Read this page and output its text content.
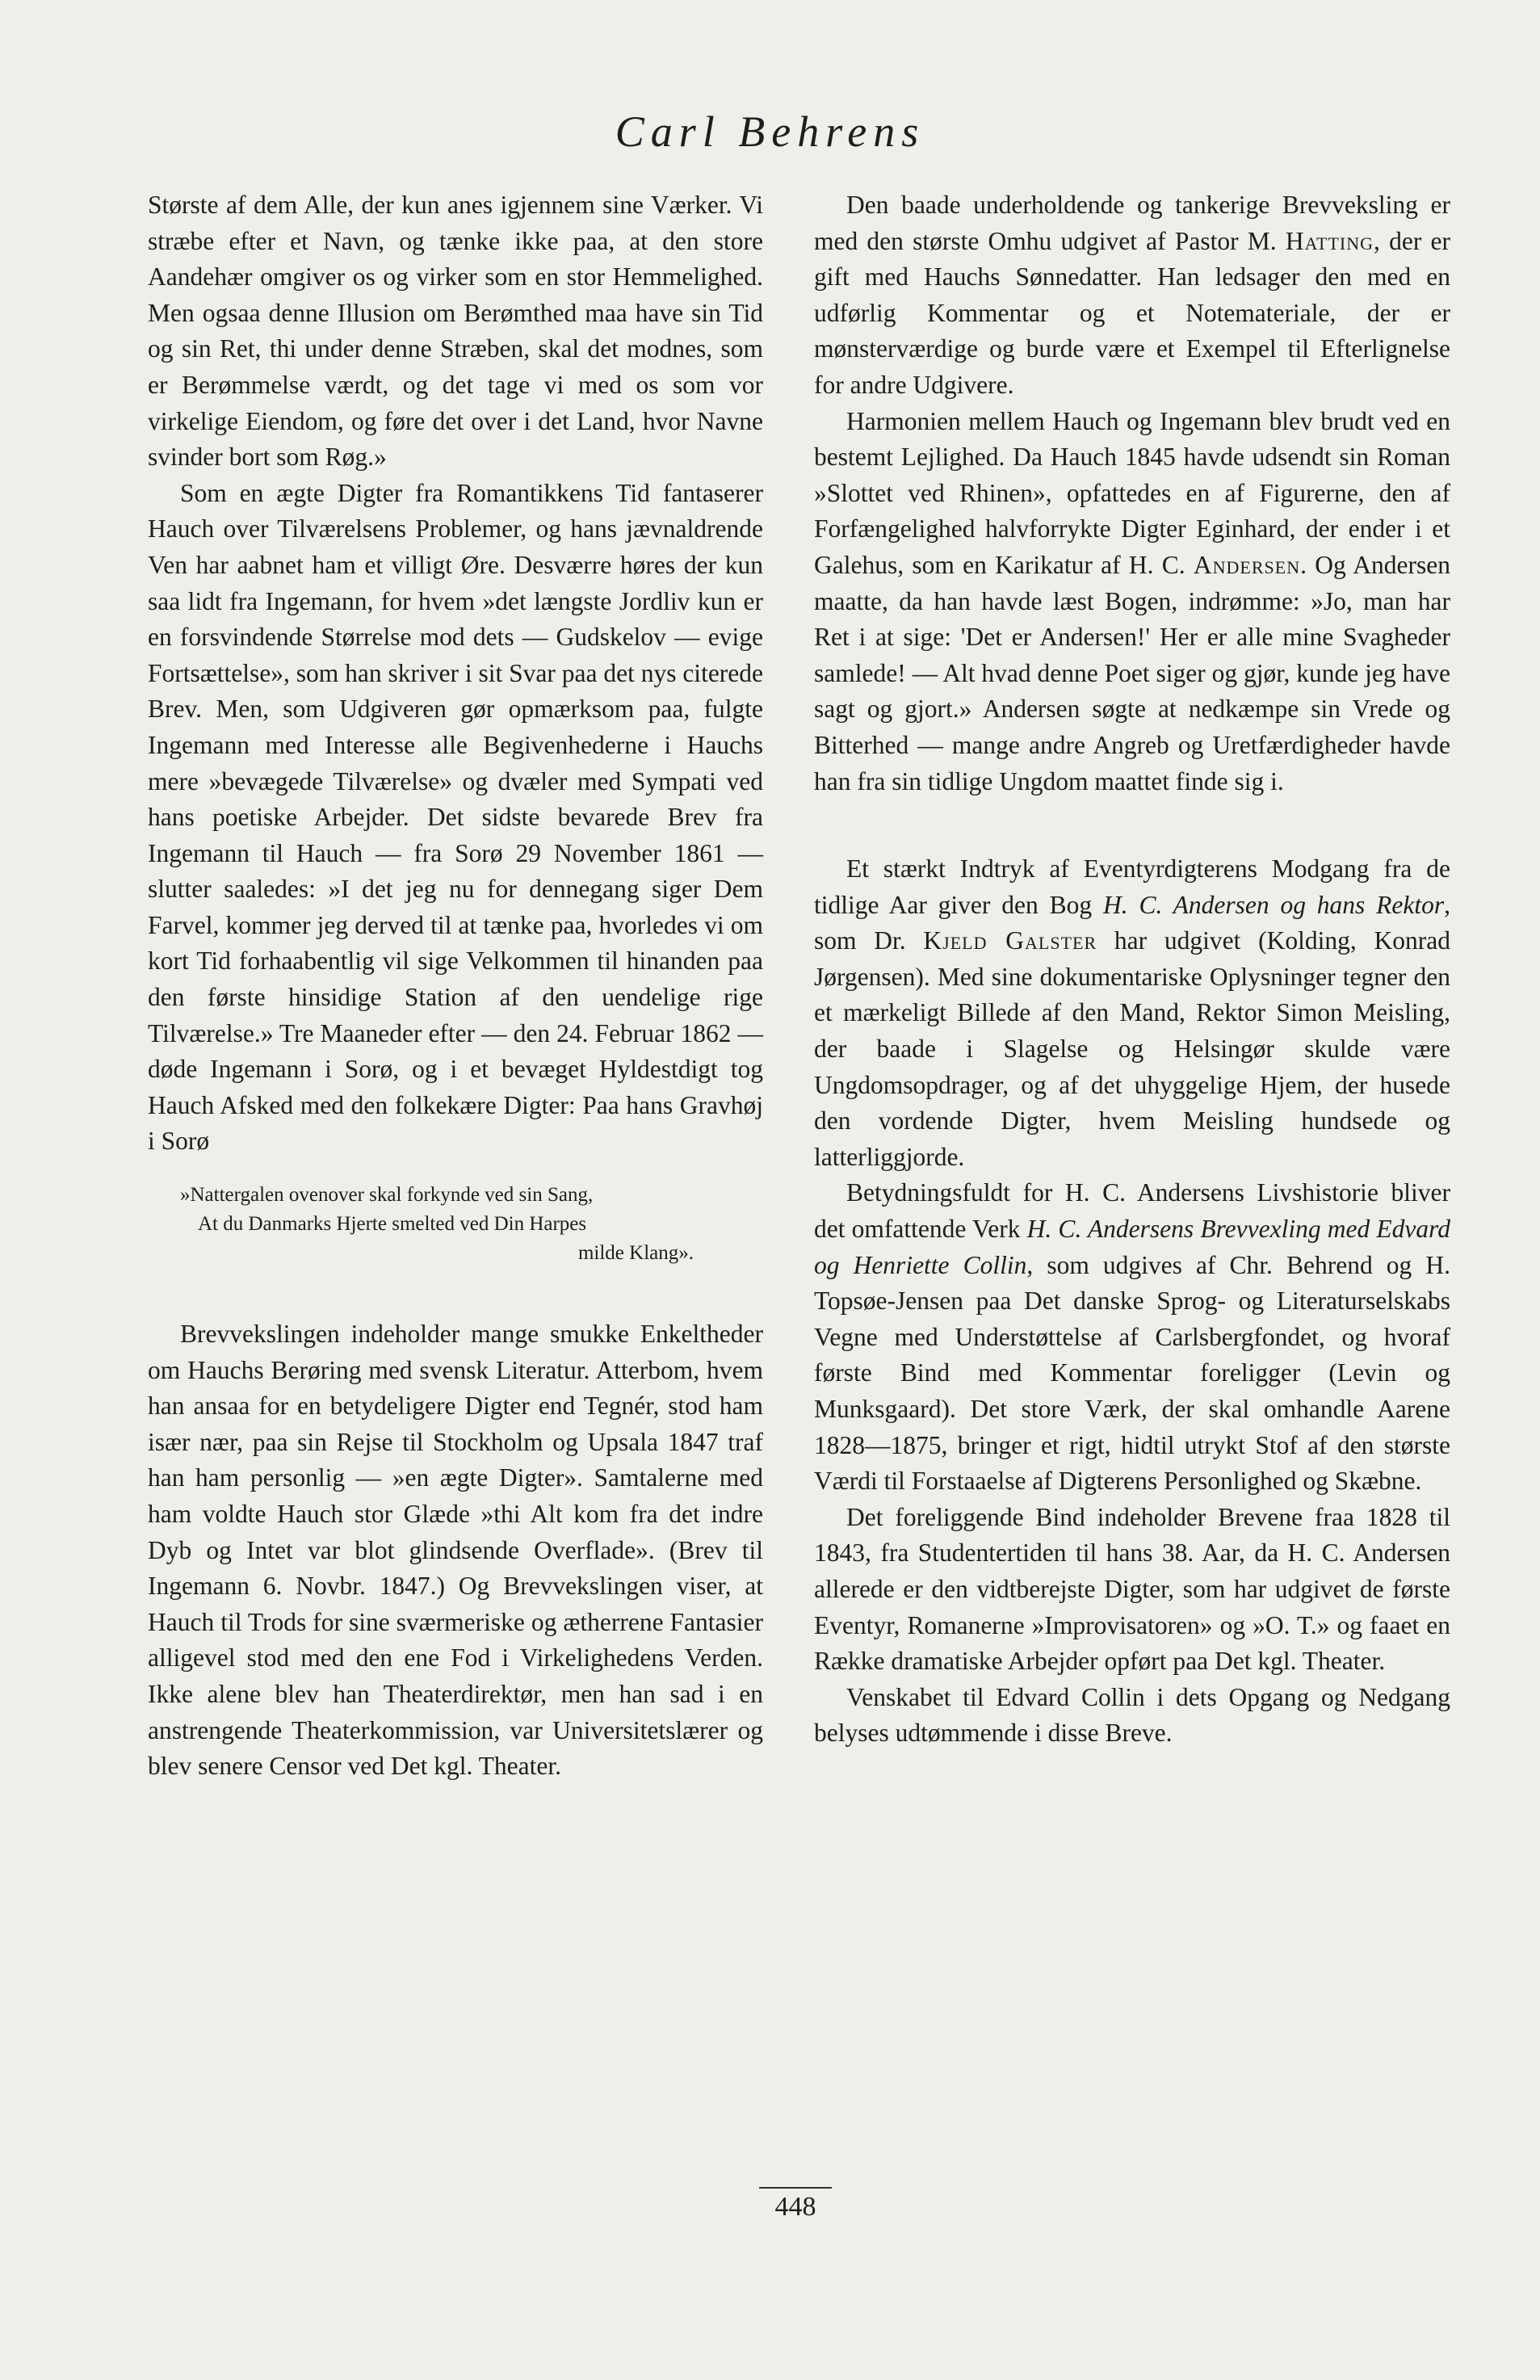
Carl Behrens

Største af dem Alle, der kun anes igjennem sine Værker. Vi stræbe efter et Navn, og tænke ikke paa, at den store Aandehær omgiver os og virker som en stor Hemmelighed. Men ogsaa denne Illusion om Berømthed maa have sin Tid og sin Ret, thi under denne Stræben, skal det modnes, som er Berømmelse værdt, og det tage vi med os som vor virkelige Eiendom, og føre det over i det Land, hvor Navne svinder bort som Røg.»

Som en ægte Digter fra Romantikkens Tid fantaserer Hauch over Tilværelsens Problemer, og hans jævnaldrende Ven har aabnet ham et villigt Øre. Desværre høres der kun saa lidt fra Ingemann, for hvem »det længste Jordliv kun er en forsvindende Størrelse mod dets — Gudskelov — evige Fortsættelse», som han skriver i sit Svar paa det nys citerede Brev. Men, som Udgiveren gør opmærksom paa, fulgte Ingemann med Interesse alle Begivenhederne i Hauchs mere »bevægede Tilværelse» og dvæler med Sympati ved hans poetiske Arbejder. Det sidste bevarede Brev fra Ingemann til Hauch — fra Sorø 29 November 1861 — slutter saaledes: »I det jeg nu for dennegang siger Dem Farvel, kommer jeg derved til at tænke paa, hvorledes vi om kort Tid forhaabentlig vil sige Velkommen til hinanden paa den første hinsidige Station af den uendelige rige Tilværelse.» Tre Maaneder efter — den 24. Februar 1862 — døde Ingemann i Sorø, og i et bevæget Hyldestdigt tog Hauch Afsked med den folkekære Digter: Paa hans Gravhøj i Sorø

»Nattergalen ovenover skal forkynde ved sin Sang,
At du Danmarks Hjerte smelted ved Din Harpes
milde Klang».

Brevvekslingen indeholder mange smukke Enkeltheder om Hauchs Berøring med svensk Literatur. Atterbom, hvem han ansaa for en betydeligere Digter end Tegnér, stod ham især nær, paa sin Rejse til Stockholm og Upsala 1847 traf han ham personlig — »en ægte Digter». Samtalerne med ham voldte Hauch stor Glæde »thi Alt kom fra det indre Dyb og Intet var blot glindsende Overflade». (Brev til Ingemann 6. Novbr. 1847.) Og Brevvekslingen viser, at Hauch til Trods for sine sværmeriske og ætherrene Fantasier alligevel stod med den ene Fod i Virkelighedens Verden. Ikke alene blev han Theaterdirektør, men han sad i en anstrengende Theaterkommission, var Universitetslærer og blev senere Censor ved Det kgl. Theater.

Den baade underholdende og tankerige Brevveksling er med den største Omhu udgivet af Pastor M. Hatting, der er gift med Hauchs Sønnedatter. Han ledsager den med en udførlig Kommentar og et Notemateriale, der er mønsterværdige og burde være et Exempel til Efterlignelse for andre Udgivere.

Harmonien mellem Hauch og Ingemann blev brudt ved en bestemt Lejlighed. Da Hauch 1845 havde udsendt sin Roman »Slottet ved Rhinen», opfattedes en af Figurerne, den af Forfængelighed halvforrykte Digter Eginhard, der ender i et Galehus, som en Karikatur af H. C. Andersen. Og Andersen maatte, da han havde læst Bogen, indrømme: »Jo, man har Ret i at sige: 'Det er Andersen!' Her er alle mine Svagheder samlede! — Alt hvad denne Poet siger og gjør, kunde jeg have sagt og gjort.» Andersen søgte at nedkæmpe sin Vrede og Bitterhed — mange andre Angreb og Uretfærdigheder havde han fra sin tidlige Ungdom maattet finde sig i.

Et stærkt Indtryk af Eventyrdigterens Modgang fra de tidlige Aar giver den Bog H. C. Andersen og hans Rektor, som Dr. Kjeld Galster har udgivet (Kolding, Konrad Jørgensen). Med sine dokumentariske Oplysninger tegner den et mærkeligt Billede af den Mand, Rektor Simon Meisling, der baade i Slagelse og Helsingør skulde være Ungdomsopdrager, og af det uhyggelige Hjem, der husede den vordende Digter, hvem Meisling hundsede og latterliggjorde.

Betydningsfuldt for H. C. Andersens Livshistorie bliver det omfattende Verk H. C. Andersens Brevvexling med Edvard og Henriette Collin, som udgives af Chr. Behrend og H. Topsøe-Jensen paa Det danske Sprog- og Literaturselskabs Vegne med Understøttelse af Carlsbergfondet, og hvoraf første Bind med Kommentar foreligger (Levin og Munksgaard). Det store Værk, der skal omhandle Aarene 1828—1875, bringer et rigt, hidtil utrykt Stof af den største Værdi til Forstaaelse af Digterens Personlighed og Skæbne.

Det foreliggende Bind indeholder Brevene fraa 1828 til 1843, fra Studentertiden til hans 38. Aar, da H. C. Andersen allerede er den vidtberejste Digter, som har udgivet de første Eventyr, Romanerne »Improvisatoren» og »O. T.» og faaet en Række dramatiske Arbejder opført paa Det kgl. Theater.

Venskabet til Edvard Collin i dets Opgang og Nedgang belyses udtømmende i disse Breve.

448
